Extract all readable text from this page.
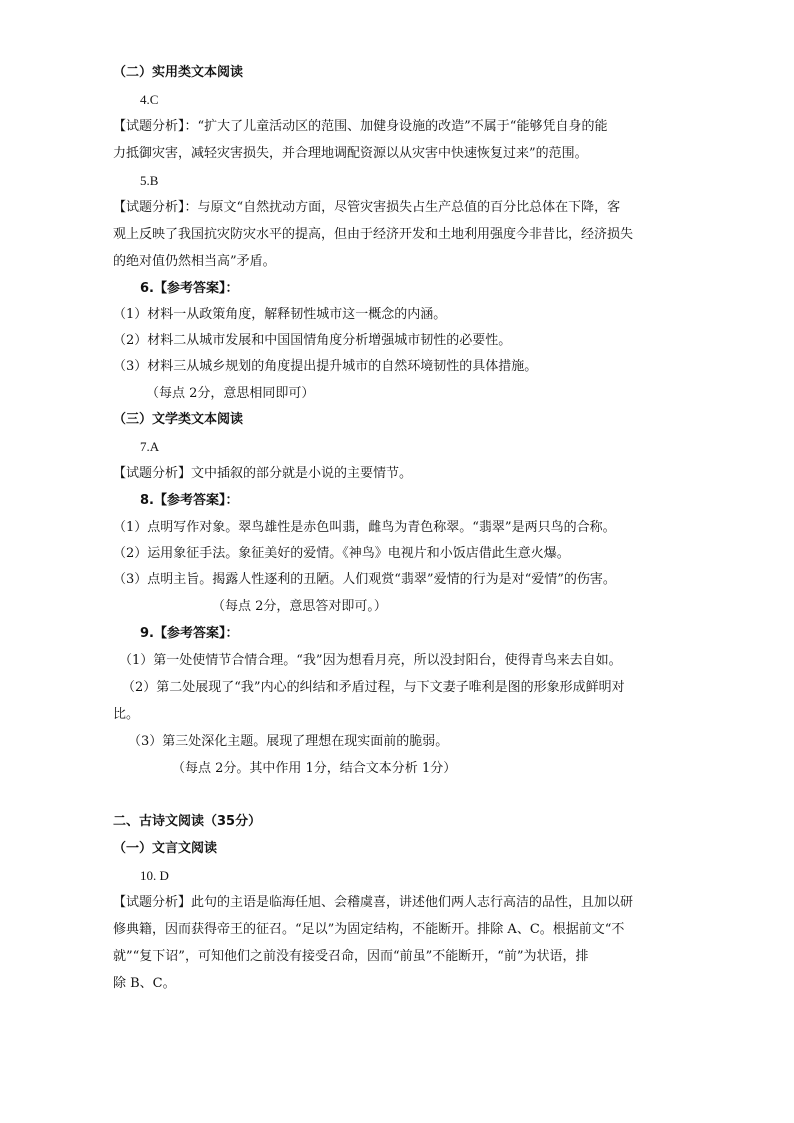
（二）实用类文本阅读
4.C
【试题分析】：“扩大了儿童活动区的范围、加健身设施的改造”不属于“能够凭自身的能
力抵御灾害，减轻灾害损失，并合理地调配资源以从灾害中快速恢复过来”的范围。
5.B
【试题分析】：与原文“自然扰动方面，尽管灾害损失占生产总值的百分比总体在下降，客
观上反映了我国抗灾防灾水平的提高，但由于经济开发和土地利用强度今非昔比，经济损失
的绝对值仍然相当高”矛盾。
6.【参考答案】：
（1）材料一从政策角度，解释韧性城市这一概念的内涵。
（2）材料二从城市发展和中国国情角度分析增强城市韧性的必要性。
（3）材料三从城乡规划的角度提出提升城市的自然环境韧性的具体措施。
（每点 2分，意思相同即可）
（三）文学类文本阅读
7.A
【试题分析】文中插叙的部分就是小说的主要情节。
8.【参考答案】：
（1）点明写作对象。翠鸟雄性是赤色叫翡，雌鸟为青色称翠。“翡翠”是两只鸟的合称。
（2）运用象征手法。象征美好的爱情。《神鸟》电视片和小饭店借此生意火爆。
（3）点明主旨。揭露人性逐利的丑陋。人们观赏“翡翠”爱情的行为是对“爱情”的伤害。
（每点 2分，意思答对即可。）
9.【参考答案】：
（1）第一处使情节合情合理。“我”因为想看月亮，所以没封阳台，使得青鸟来去自如。
（2）第二处展现了“我”内心的纠结和矛盾过程，与下文妻子唯利是图的形象形成鲜明对
比。
（3）第三处深化主题。展现了理想在现实面前的脆弱。
（每点 2分。其中作用 1分，结合文本分析 1分）
二、古诗文阅读（35分）
（一）文言文阅读
10. D
【试题分析】此句的主语是临海任旭、会稽虞喜，讲述他们两人志行高洁的品性，且加以研
修典籍，因而获得帝王的征召。“足以”为固定结构，不能断开。排除 A、C。根据前文“不
就”“复下诏”，可知他们之前没有接受召命，因而“前虽”不能断开，“前”为状语，排
除 B、C。
